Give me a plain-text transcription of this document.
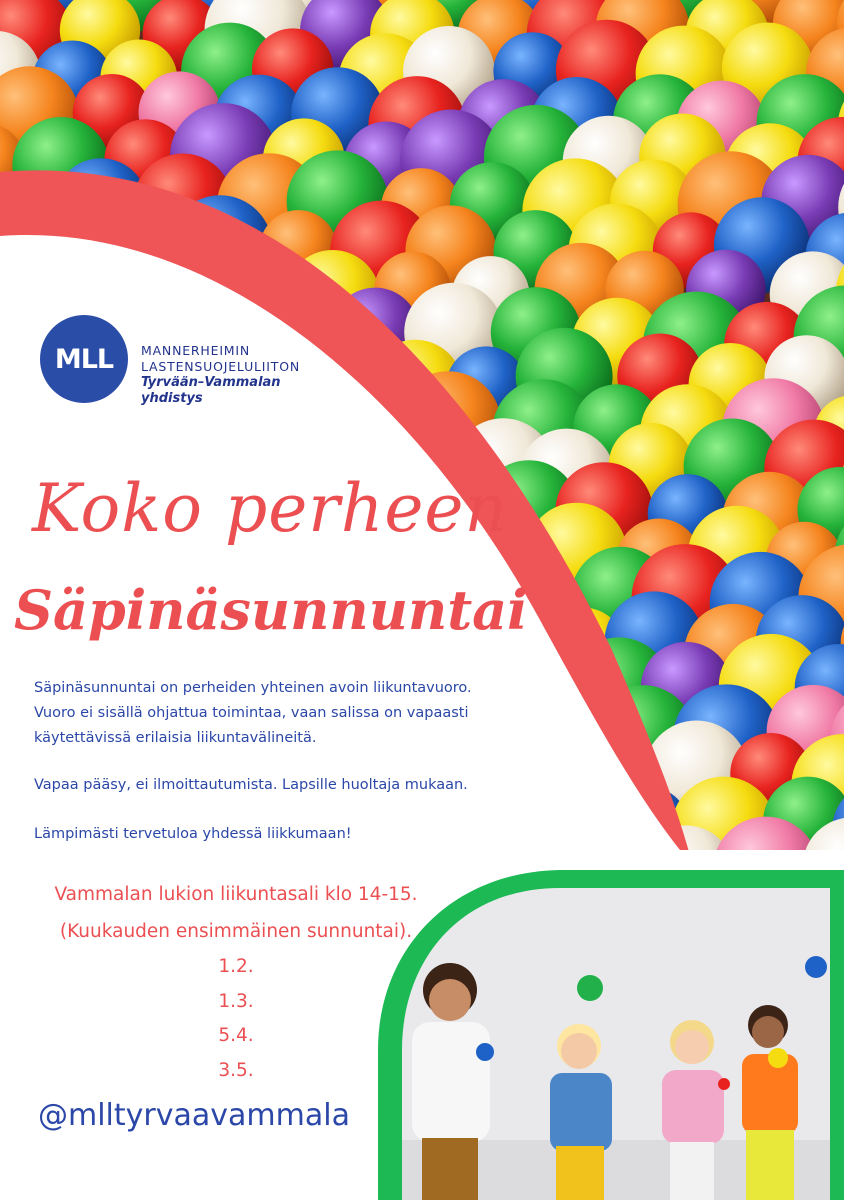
MLL	MANNERHEIMIN
LASTENSUOJELULIITON
Tyrvään–Vammalan
yhdistys
Koko perheen
Säpinäsunnuntai
Säpinäsunnuntai on perheiden yhteinen avoin liikuntavuoro.
Vuoro ei sisällä ohjattua toimintaa, vaan salissa on vapaasti
käytettävissä erilaisia liikuntavälineitä.
Vapaa pääsy, ei ilmoittautumista. Lapsille huoltaja mukaan.
Lämpimästi tervetuloa yhdessä liikkumaan!
Vammalan lukion liikuntasali klo 14-15.
(Kuukauden ensimmäinen sunnuntai).
1.2.
1.3.
5.4.
3.5.
@mlltyrvaavammala
